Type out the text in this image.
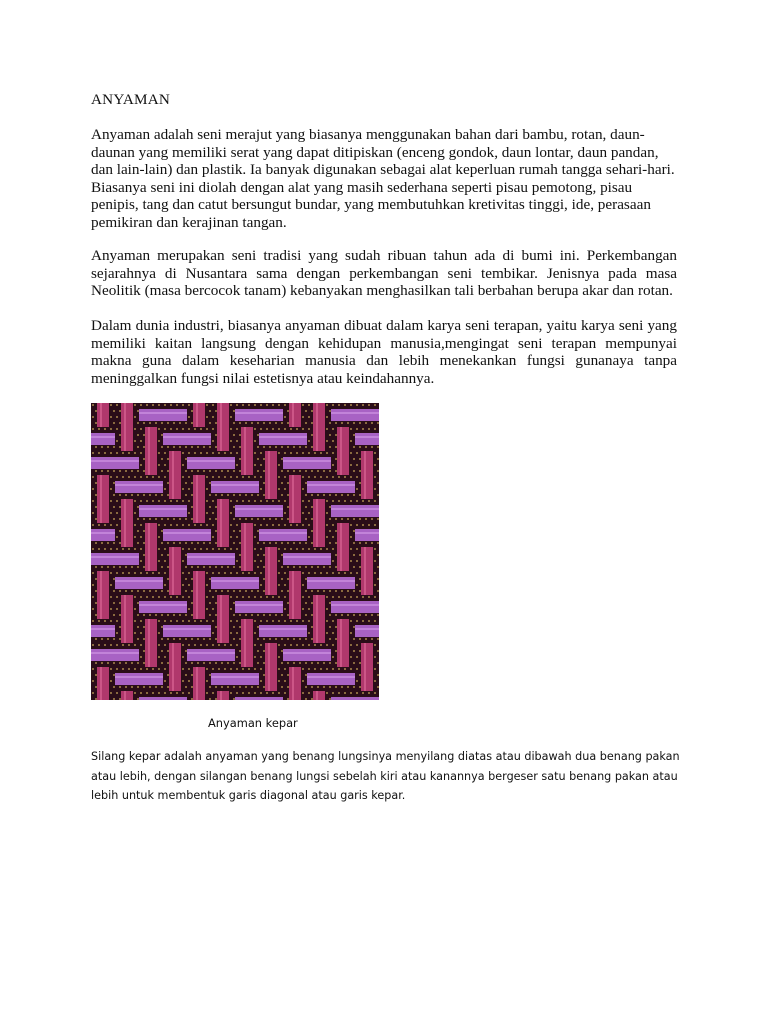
ANYAMAN

Anyaman adalah seni merajut yang biasanya menggunakan bahan dari bambu, rotan, daun-daunan yang memiliki serat yang dapat ditipiskan (enceng gondok, daun lontar, daun pandan, dan lain-lain) dan plastik. Ia banyak digunakan sebagai alat keperluan rumah tangga sehari-hari. Biasanya seni ini diolah dengan alat yang masih sederhana seperti pisau pemotong, pisau penipis, tang dan catut bersungut bundar, yang membutuhkan kretivitas tinggi, ide, perasaan pemikiran dan kerajinan tangan.

Anyaman merupakan seni tradisi yang sudah ribuan tahun ada di bumi ini. Perkembangan sejarahnya di Nusantara sama dengan perkembangan seni tembikar. Jenisnya pada masa Neolitik (masa bercocok tanam) kebanyakan menghasilkan tali berbahan berupa akar dan rotan.

Dalam dunia industri, biasanya anyaman dibuat dalam karya seni terapan, yaitu karya seni yang memiliki kaitan langsung dengan kehidupan manusia,mengingat seni terapan mempunyai makna guna dalam keseharian manusia dan lebih menekankan fungsi gunanaya tanpa meninggalkan fungsi nilai estetisnya atau keindahannya.

Anyaman kepar

Silang kepar adalah anyaman yang benang lungsinya menyilang diatas atau dibawah dua benang pakan atau lebih, dengan silangan benang lungsi sebelah kiri atau kanannya bergeser satu benang pakan atau lebih untuk membentuk garis diagonal atau garis kepar.
